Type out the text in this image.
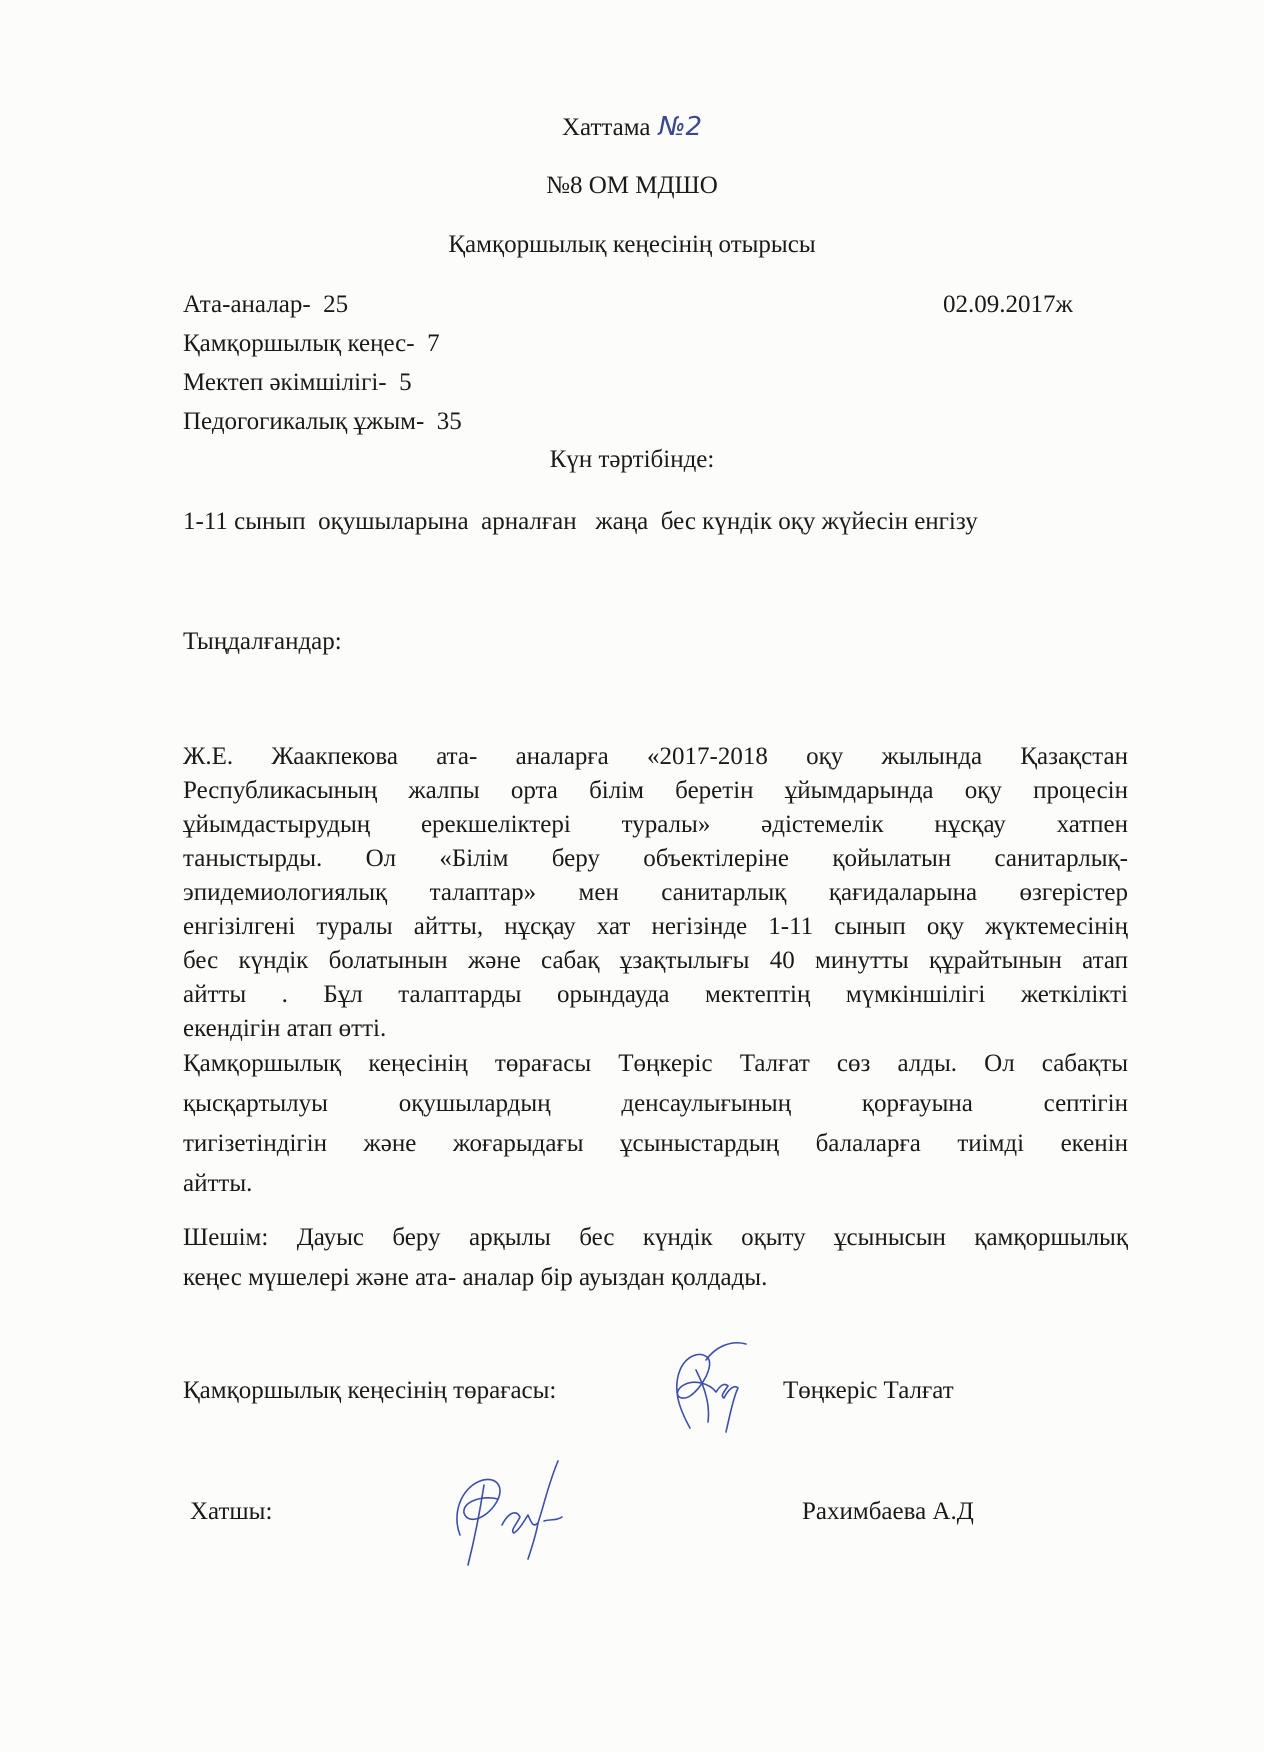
Хаттама №2
№8 ОМ МДШО
Қамқоршылық кеңесінің отырысы
Ата-аналар- 25	02.09.2017ж
Қамқоршылық кеңес- 7
Мектеп әкімшілігі- 5
Педогогикалық ұжым- 35
Күн тәртібінде:
1-11 сынып  оқушыларына  арналған   жаңа  бес күндік оқу жүйесін енгізу
Тыңдалғандар:
Ж.Е. Жаакпекова ата- аналарға «2017-2018 оқу жылында Қазақстан
Республикасының жалпы орта білім беретін ұйымдарында оқу процесін
ұйымдастырудың ерекшеліктері туралы» әдістемелік нұсқау хатпен
таныстырды. Ол «Білім беру объектілеріне қойылатын санитарлық-
эпидемиологиялық талаптар» мен санитарлық қағидаларына өзгерістер
енгізілгені туралы айтты, нұсқау хат негізінде 1-11 сынып оқу жүктемесінің
бес күндік болатынын және сабақ ұзақтылығы 40 минутты құрайтынын атап
айтты . Бұл талаптарды орындауда мектептің мүмкіншілігі жеткілікті
екендігін атап өтті.
Қамқоршылық кеңесінің төрағасы Төңкеріс Талғат сөз алды. Ол сабақты
қысқартылуы оқушылардың денсаулығының қорғауына септігін
тигізетіндігін және жоғарыдағы ұсыныстардың балаларға тиімді екенін
айтты.
Шешім: Дауыс беру арқылы бес күндік оқыту ұсынысын қамқоршылық
кеңес мүшелері және ата- аналар бір ауыздан қолдады.
Қамқоршылық кеңесінің төрағасы:	Төңкеріс Талғат
Хатшы:	Рахимбаева А.Д
